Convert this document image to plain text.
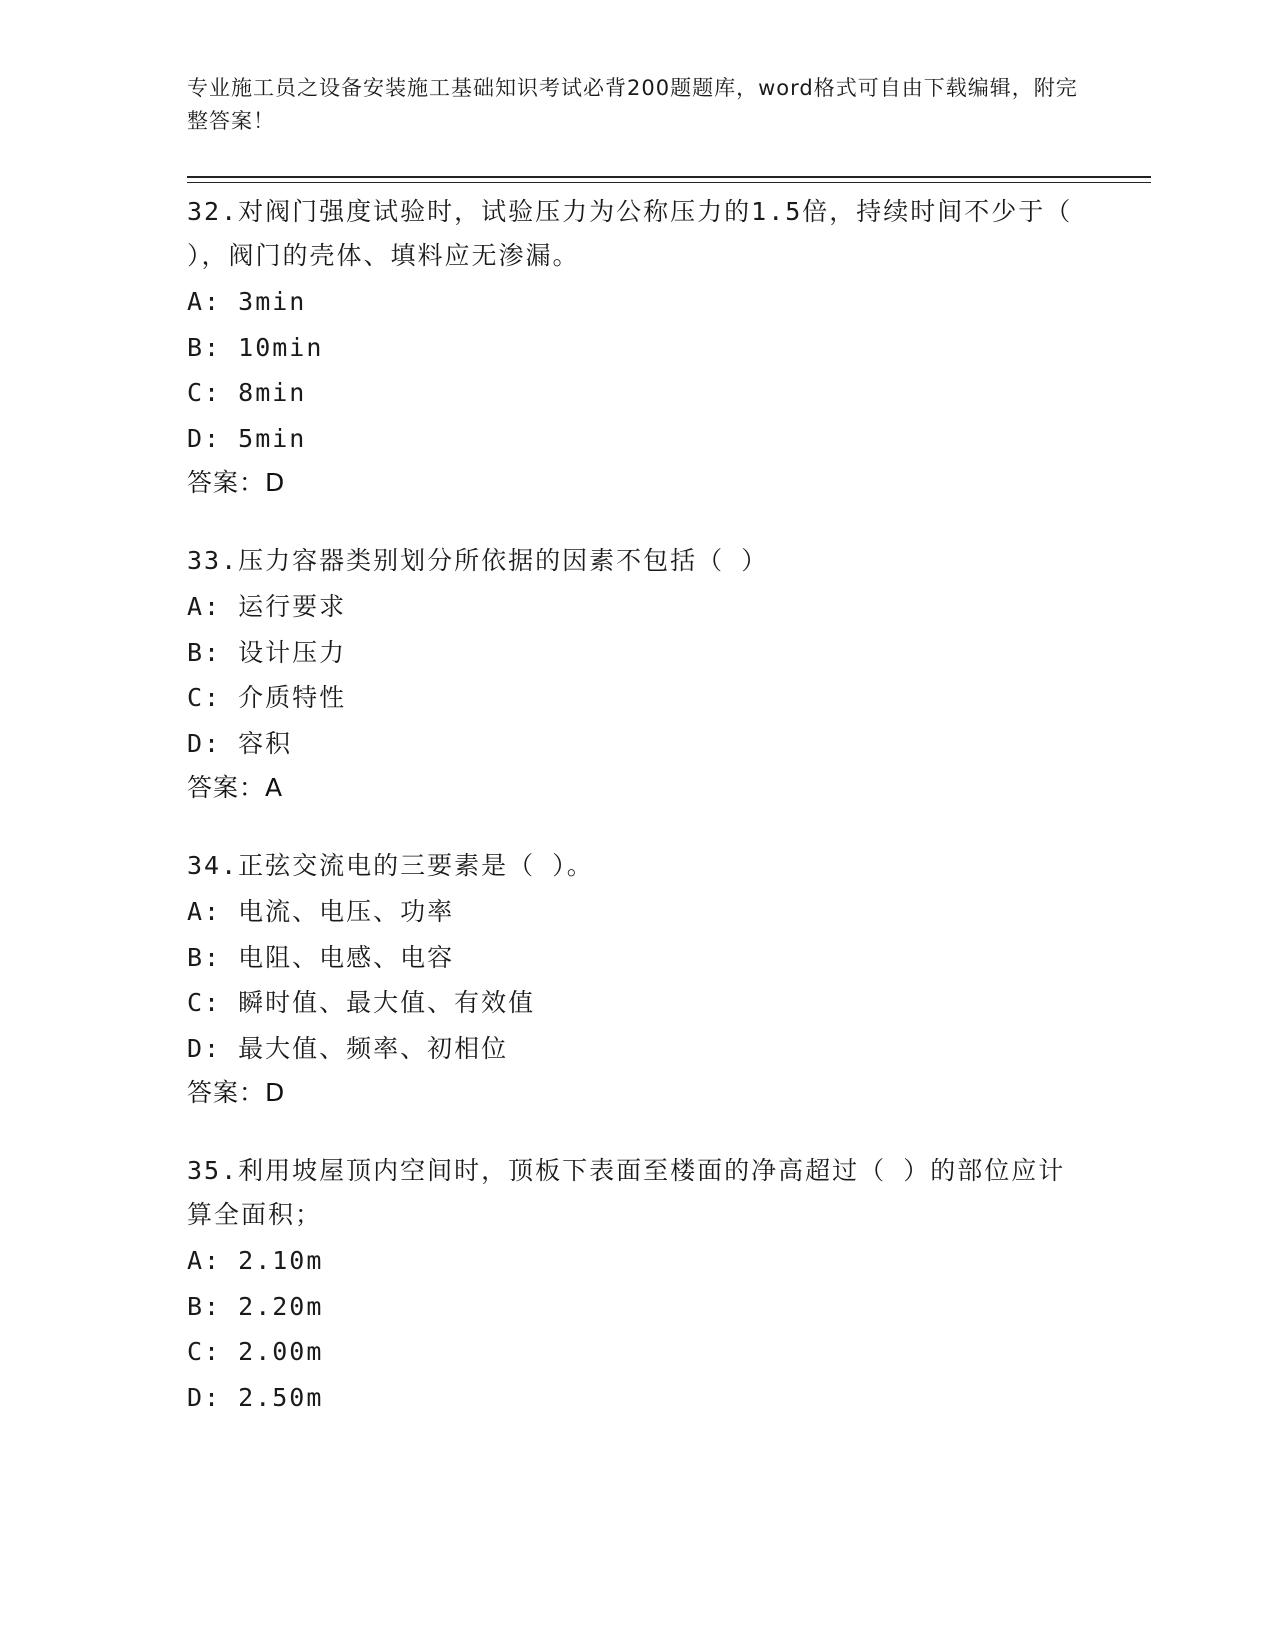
专业施工员之设备安装施工基础知识考试必背200题题库，word格式可自由下载编辑，附完整答案！
32.对阀门强度试验时，试验压力为公称压力的1.5倍，持续时间不少于（ ），阀门的壳体、填料应无渗漏。
A: 3min
B: 10min
C: 8min
D: 5min
答案：D
33.压力容器类别划分所依据的因素不包括（ ）
A: 运行要求
B: 设计压力
C: 介质特性
D: 容积
答案：A
34.正弦交流电的三要素是（ ）。
A: 电流、电压、功率
B: 电阻、电感、电容
C: 瞬时值、最大值、有效值
D: 最大值、频率、初相位
答案：D
35.利用坡屋顶内空间时，顶板下表面至楼面的净高超过（ ）的部位应计算全面积；
A: 2.10m
B: 2.20m
C: 2.00m
D: 2.50m
